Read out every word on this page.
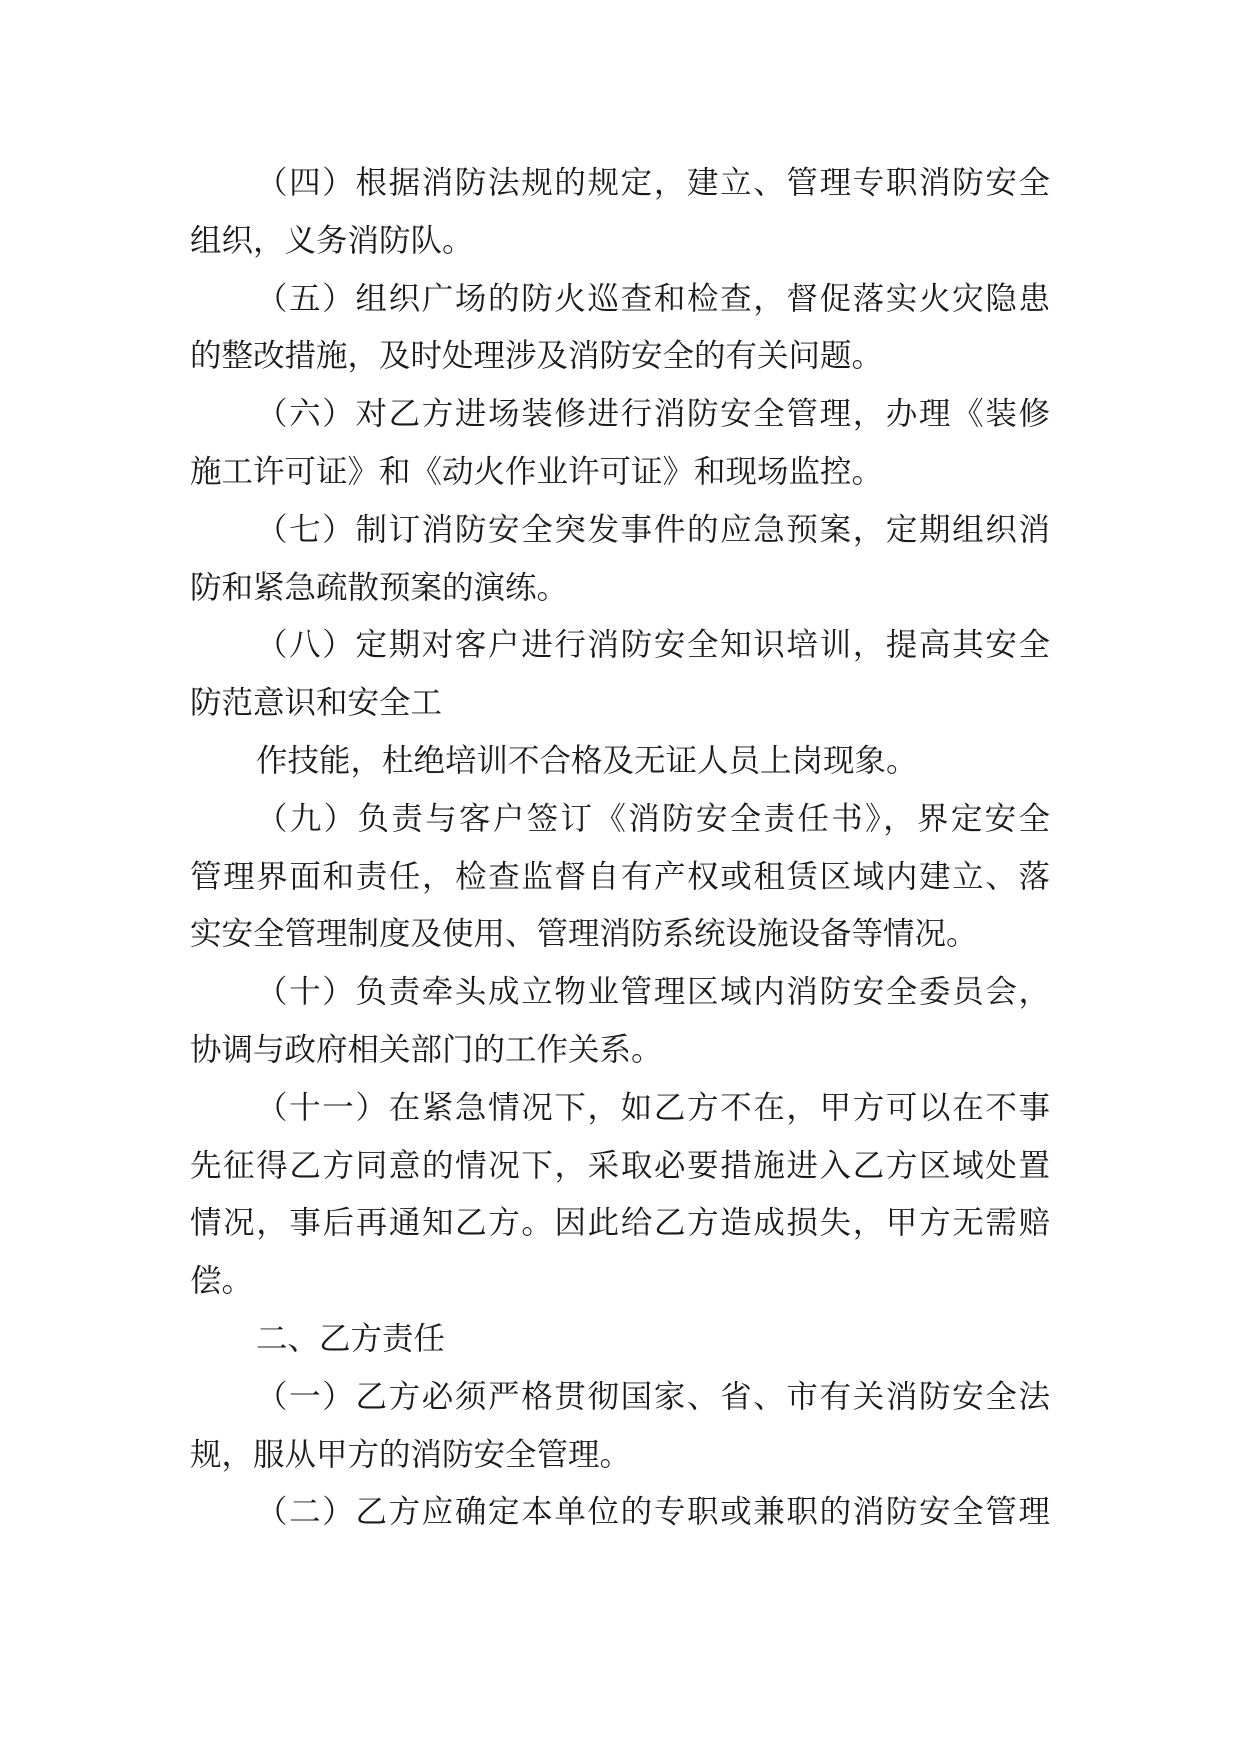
（四）根据消防法规的规定，建立、管理专职消防安全
组织，义务消防队。
（五）组织广场的防火巡查和检查，督促落实火灾隐患
的整改措施，及时处理涉及消防安全的有关问题。
（六）对乙方进场装修进行消防安全管理，办理《装修
施工许可证》和《动火作业许可证》和现场监控。
（七）制订消防安全突发事件的应急预案，定期组织消
防和紧急疏散预案的演练。
（八）定期对客户进行消防安全知识培训，提高其安全
防范意识和安全工
作技能，杜绝培训不合格及无证人员上岗现象。
（九）负责与客户签订《消防安全责任书》，界定安全
管理界面和责任，检查监督自有产权或租赁区域内建立、落
实安全管理制度及使用、管理消防系统设施设备等情况。
（十）负责牵头成立物业管理区域内消防安全委员会，
协调与政府相关部门的工作关系。
（十一）在紧急情况下，如乙方不在，甲方可以在不事
先征得乙方同意的情况下，采取必要措施进入乙方区域处置
情况，事后再通知乙方。因此给乙方造成损失，甲方无需赔
偿。
二、乙方责任
（一）乙方必须严格贯彻国家、省、市有关消防安全法
规，服从甲方的消防安全管理。
（二）乙方应确定本单位的专职或兼职的消防安全管理
